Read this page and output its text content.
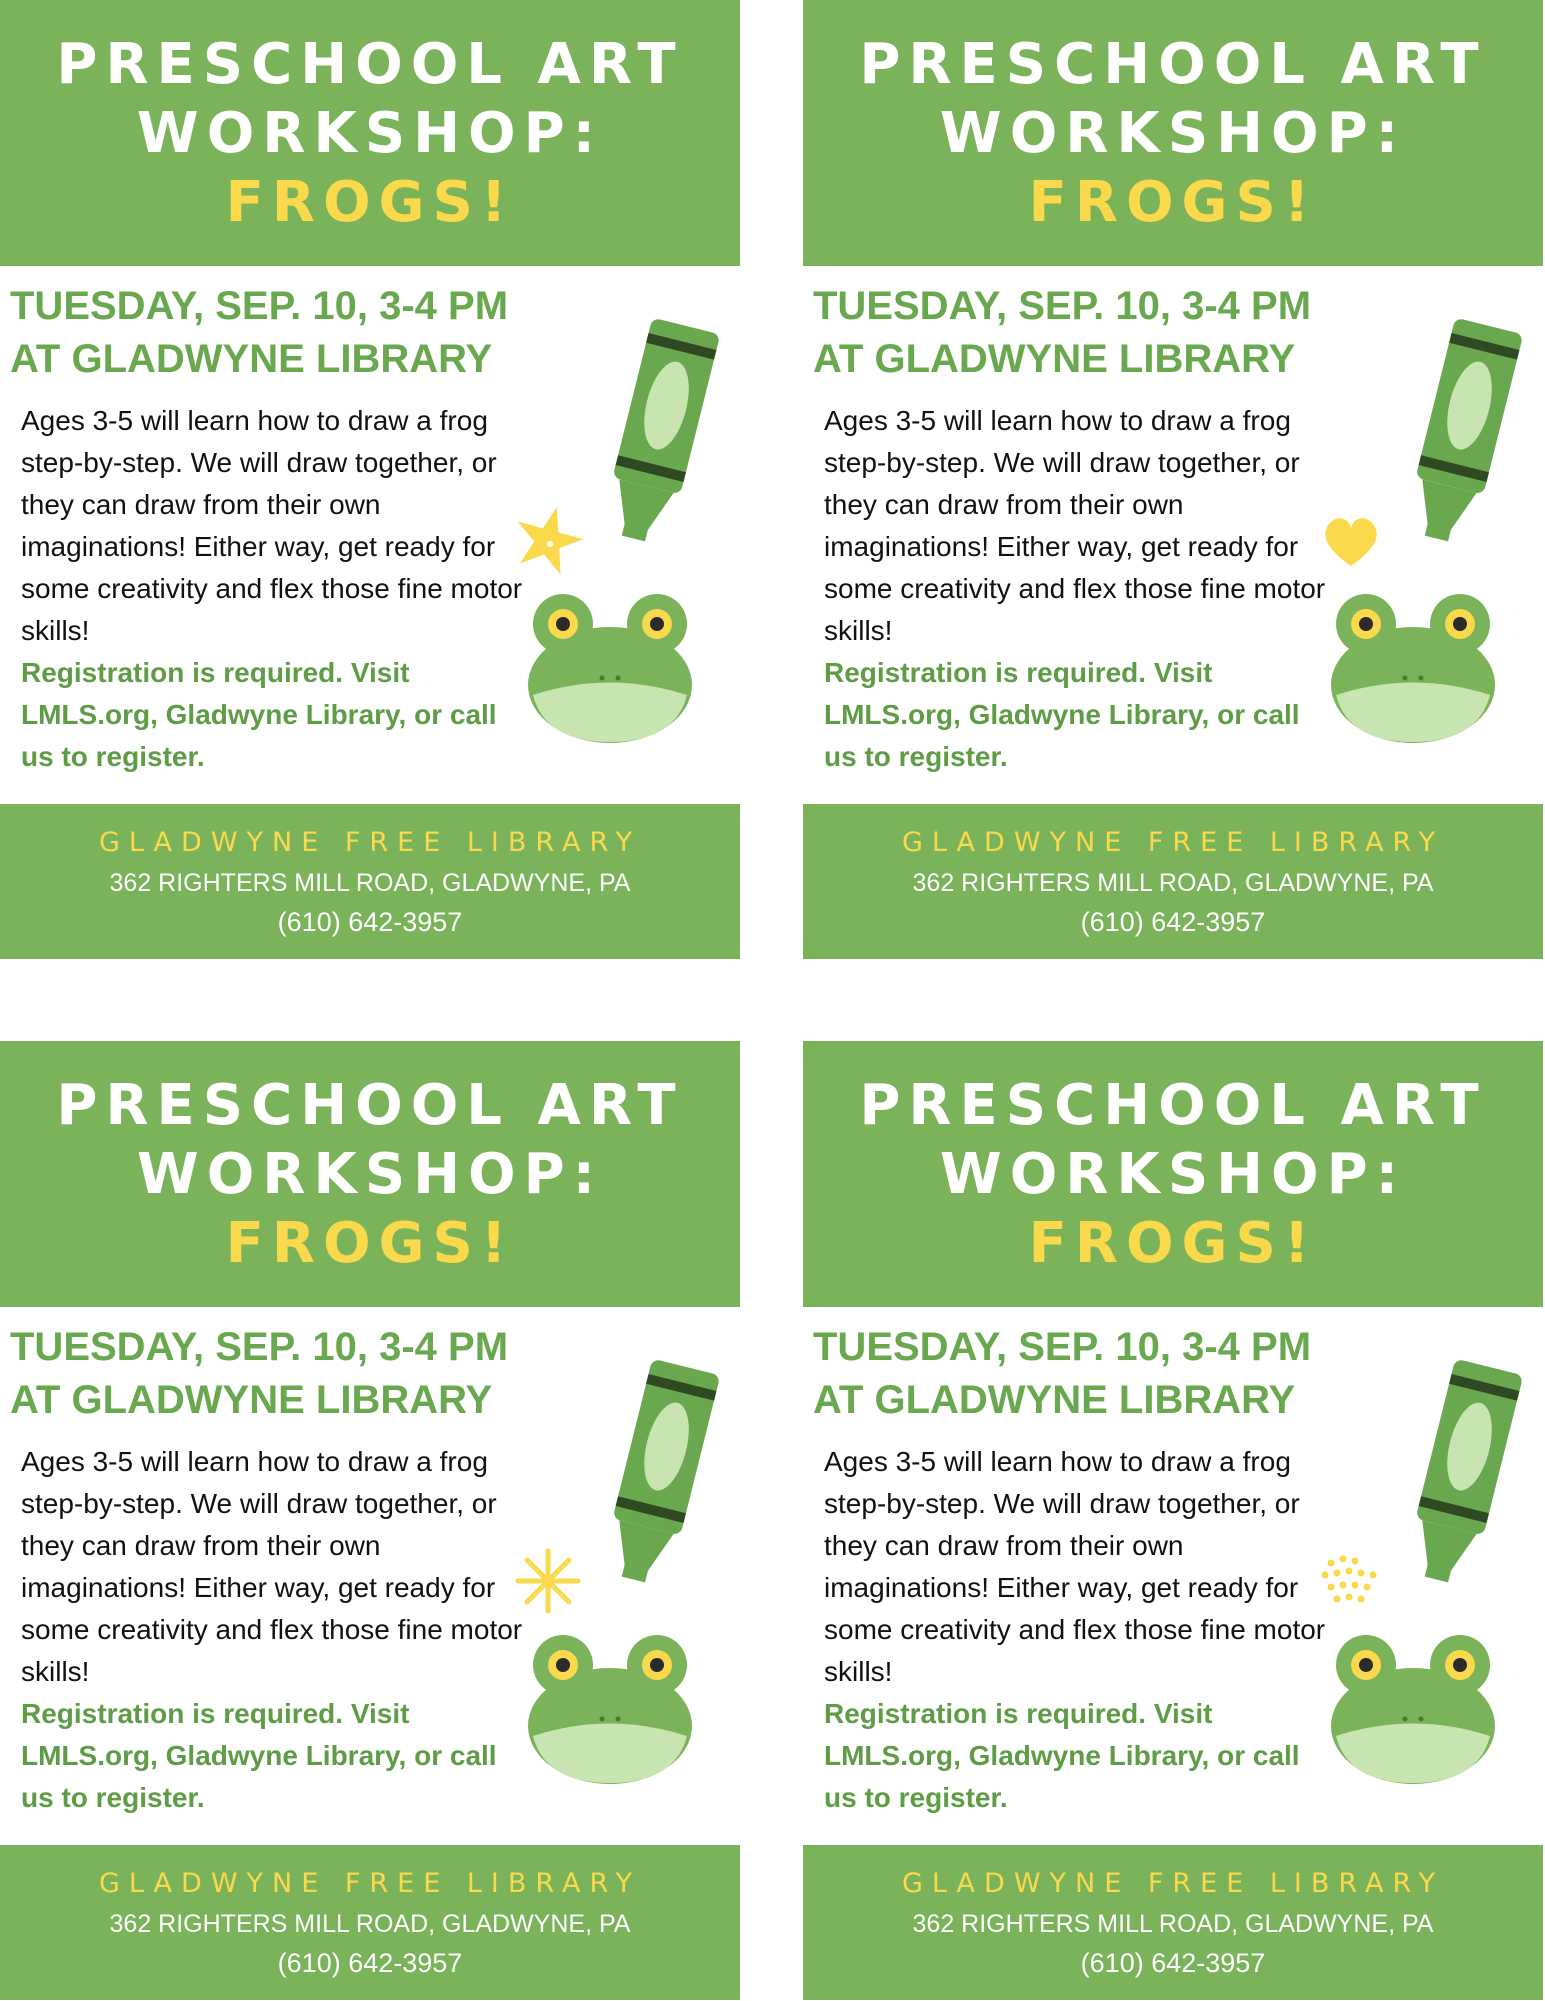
PRESCHOOL ART
WORKSHOP:
FROGS!
TUESDAY, SEP. 10, 3-4 PM
AT GLADWYNE LIBRARY
Ages 3-5 will learn how to draw a frog step-by-step. We will draw together, or they can draw from their own imaginations! Either way, get ready for some creativity and flex those fine motor skills!
Registration is required. Visit LMLS.org, Gladwyne Library, or call us to register.
GLADWYNE FREE LIBRARY
362 RIGHTERS MILL ROAD, GLADWYNE, PA
(610) 642-3957
PRESCHOOL ART
WORKSHOP:
FROGS!
TUESDAY, SEP. 10, 3-4 PM
AT GLADWYNE LIBRARY
Ages 3-5 will learn how to draw a frog step-by-step. We will draw together, or they can draw from their own imaginations! Either way, get ready for some creativity and flex those fine motor skills!
Registration is required. Visit LMLS.org, Gladwyne Library, or call us to register.
GLADWYNE FREE LIBRARY
362 RIGHTERS MILL ROAD, GLADWYNE, PA
(610) 642-3957
PRESCHOOL ART
WORKSHOP:
FROGS!
TUESDAY, SEP. 10, 3-4 PM
AT GLADWYNE LIBRARY
Ages 3-5 will learn how to draw a frog step-by-step. We will draw together, or they can draw from their own imaginations! Either way, get ready for some creativity and flex those fine motor skills!
Registration is required. Visit LMLS.org, Gladwyne Library, or call us to register.
GLADWYNE FREE LIBRARY
362 RIGHTERS MILL ROAD, GLADWYNE, PA
(610) 642-3957
PRESCHOOL ART
WORKSHOP:
FROGS!
TUESDAY, SEP. 10, 3-4 PM
AT GLADWYNE LIBRARY
Ages 3-5 will learn how to draw a frog step-by-step. We will draw together, or they can draw from their own imaginations! Either way, get ready for some creativity and flex those fine motor skills!
Registration is required. Visit LMLS.org, Gladwyne Library, or call us to register.
GLADWYNE FREE LIBRARY
362 RIGHTERS MILL ROAD, GLADWYNE, PA
(610) 642-3957
